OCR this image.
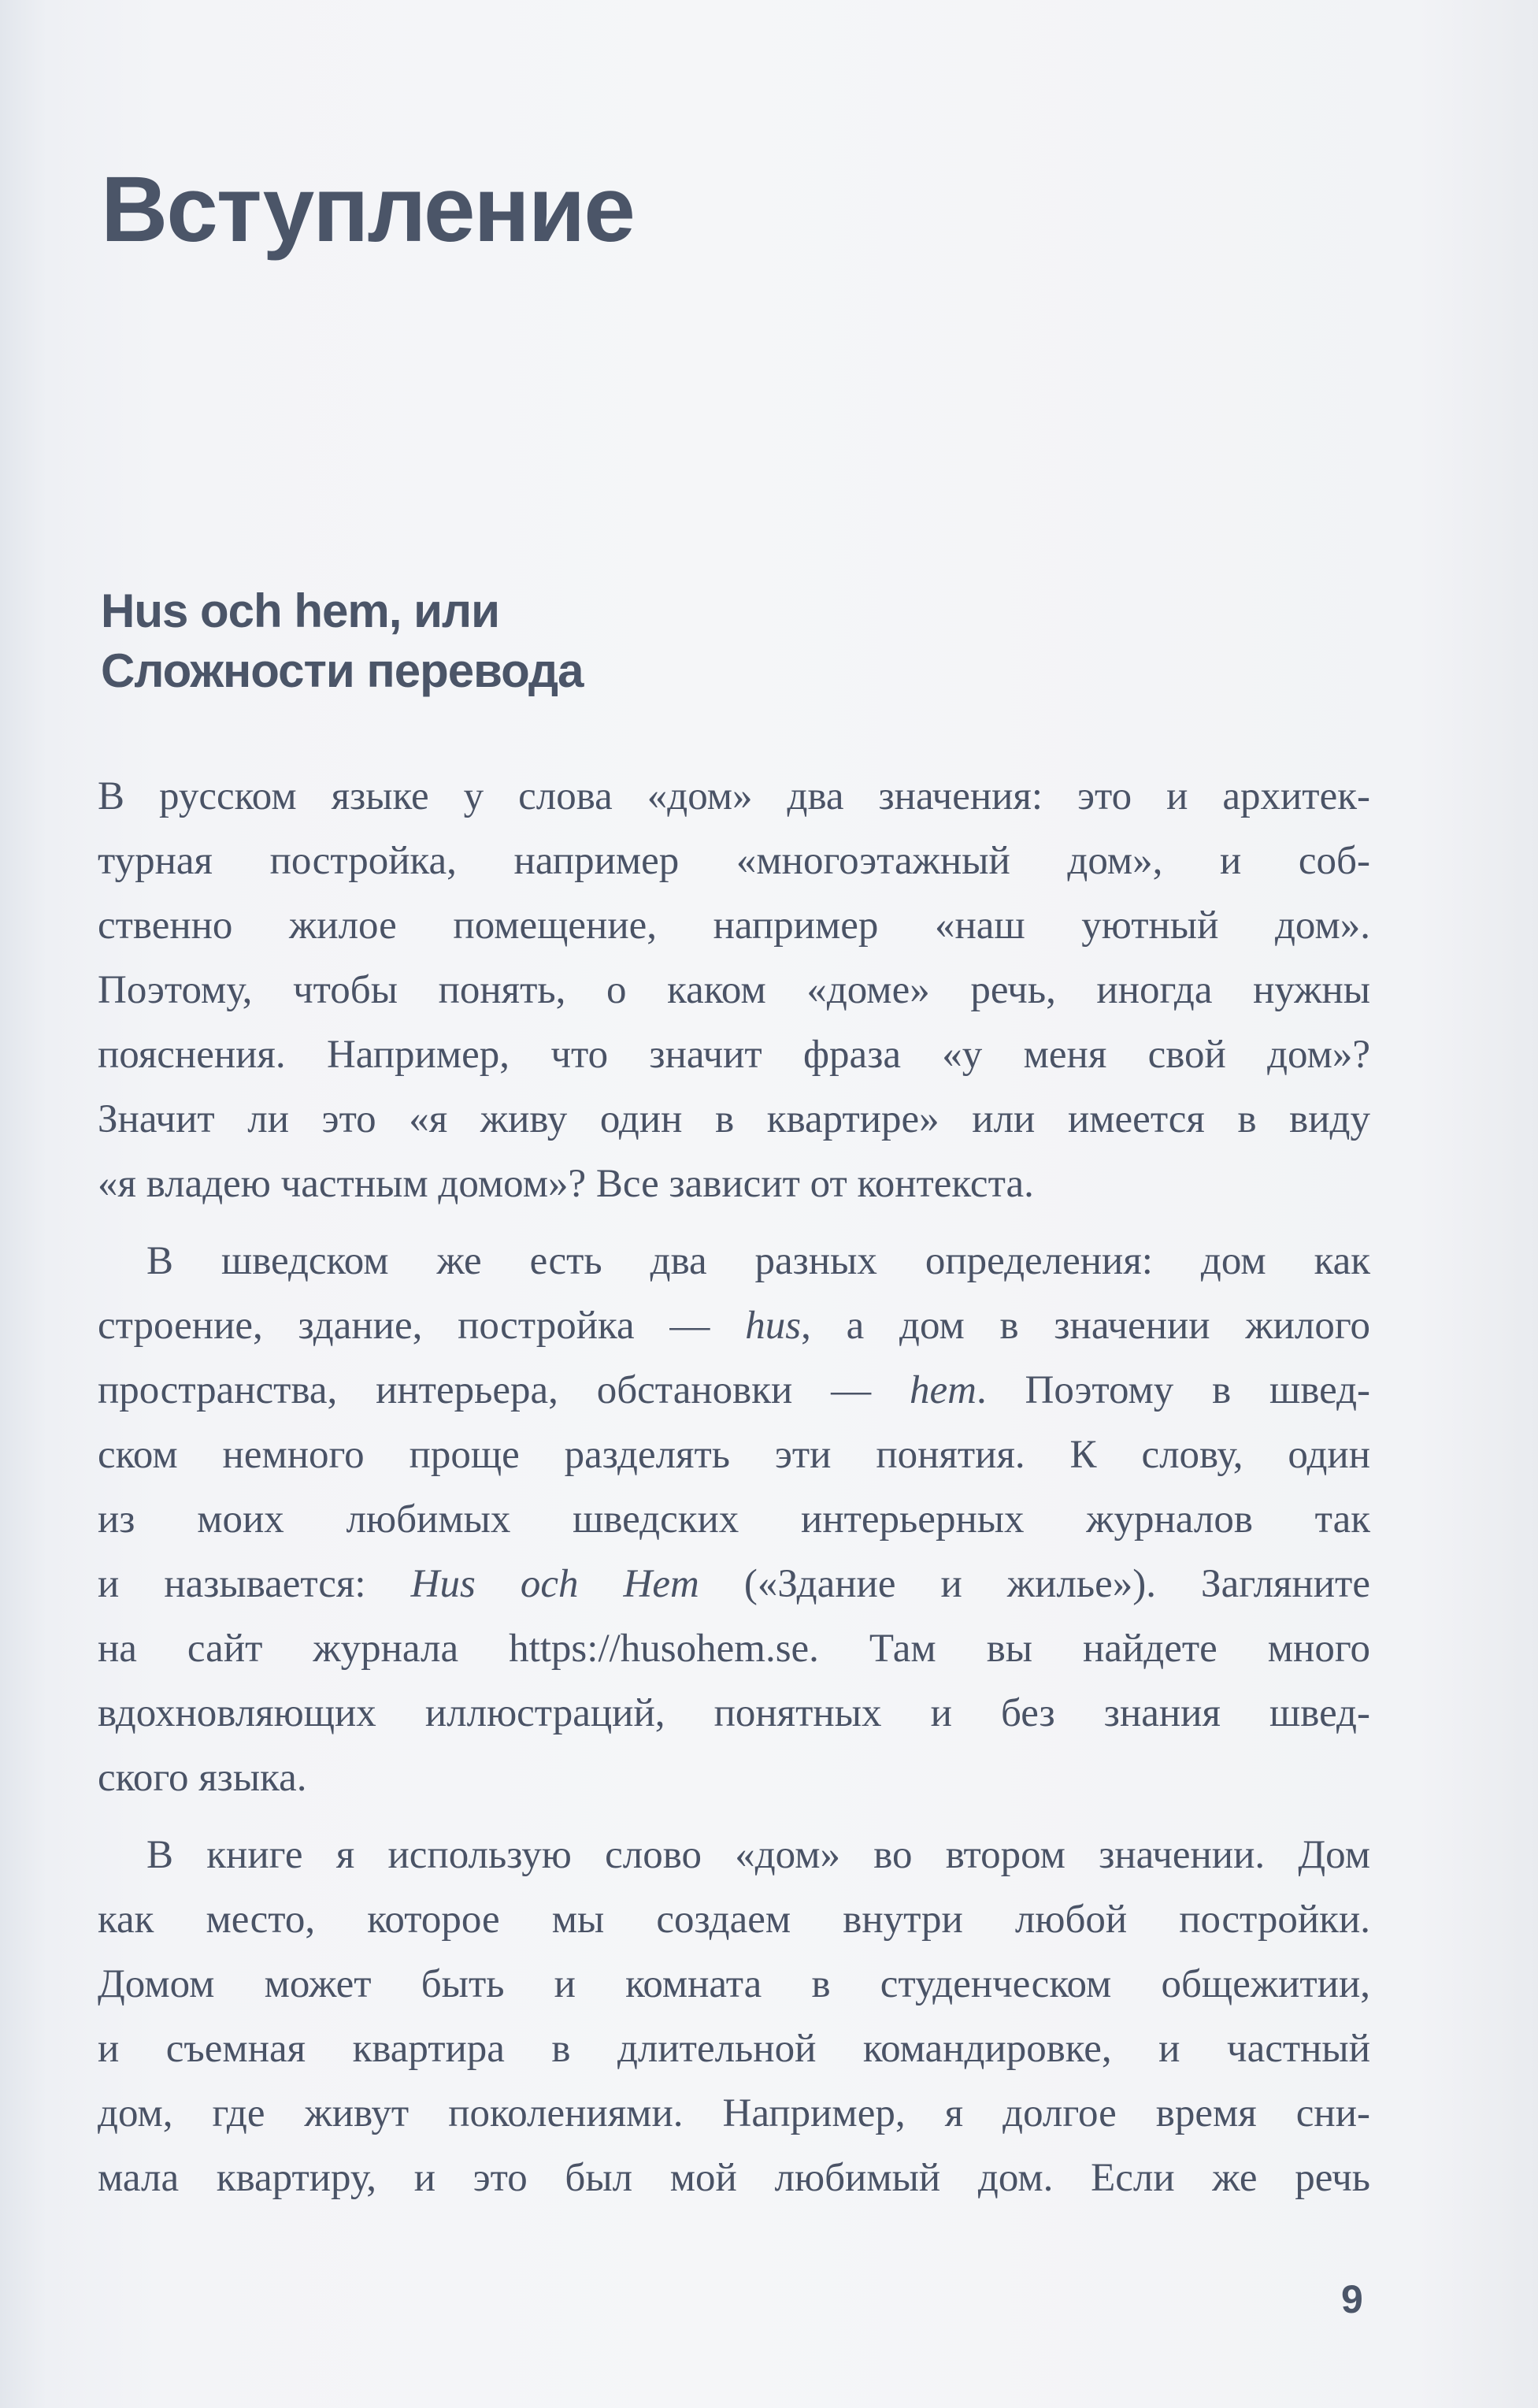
Вступление
Hus och hem, или
Сложности перевода

В русском языке у слова «дом» два значения: это и архитек-
турная постройка, например «многоэтажный дом», и соб-
ственно жилое помещение, например «наш уютный дом».
Поэтому, чтобы понять, о каком «доме» речь, иногда нужны
пояснения. Например, что значит фраза «у меня свой дом»?
Значит ли это «я живу один в квартире» или имеется в виду
«я владею частным домом»? Все зависит от контекста.

В шведском же есть два разных определения: дом как
строение, здание, постройка — hus, а дом в значении жилого
пространства, интерьера, обстановки — hem. Поэтому в швед-
ском немного проще разделять эти понятия. К слову, один
из моих любимых шведских интерьерных журналов так
и называется: Hus och Hem («Здание и жилье»). Загляните
на сайт журнала https://husohem.se. Там вы найдете много
вдохновляющих иллюстраций, понятных и без знания швед-
ского языка.

В книге я использую слово «дом» во втором значении. Дом
как место, которое мы создаем внутри любой постройки.
Домом может быть и комната в студенческом общежитии,
и съемная квартира в длительной командировке, и частный
дом, где живут поколениями. Например, я долгое время сни-
мала квартиру, и это был мой любимый дом. Если же речь

9
